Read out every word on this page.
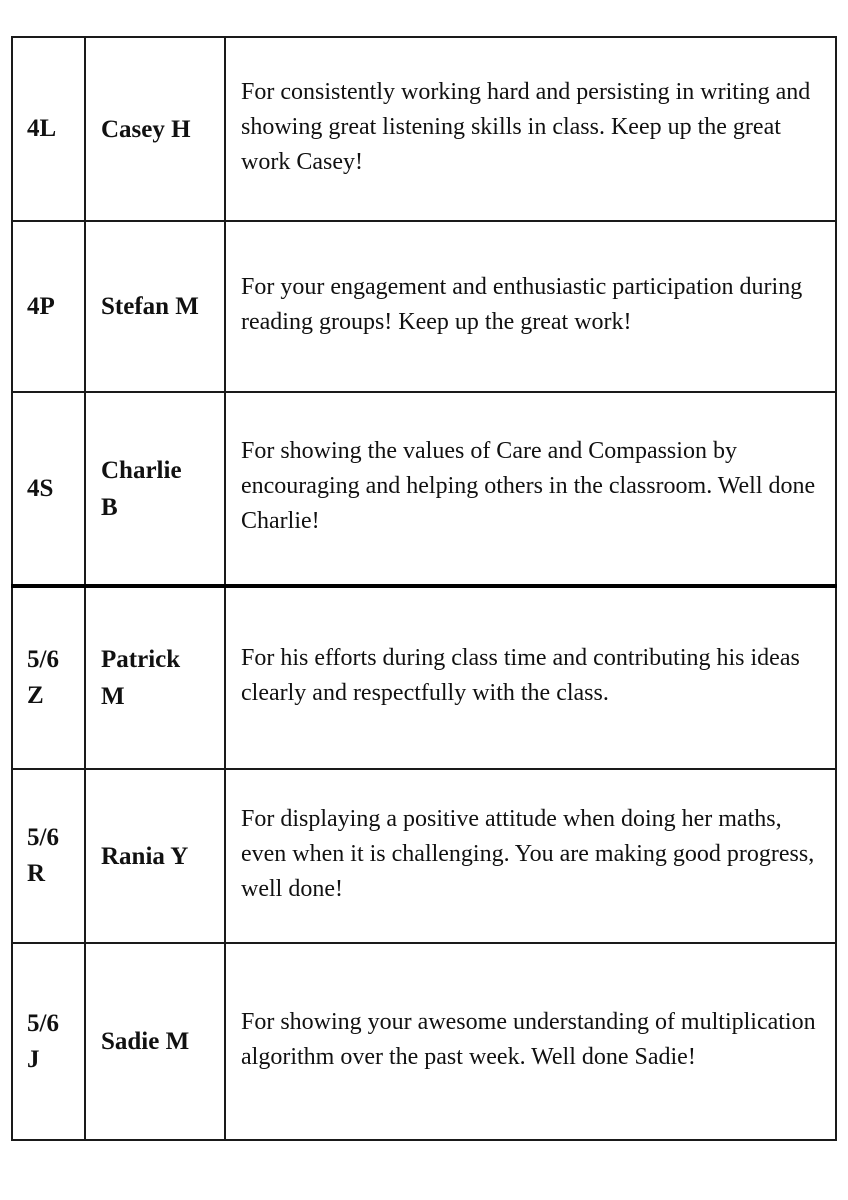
4L	Casey H	For consistently working hard and persisting in writing and showing great listening skills in class. Keep up the great work Casey!

4P	Stefan M	For your engagement and enthusiastic participation during reading groups! Keep up the great work!

4S	Charlie B	For showing the values of Care and Compassion by encouraging and helping others in the classroom. Well done Charlie!

5/6 Z	Patrick M	For his efforts during class time and contributing his ideas clearly and respectfully with the class.

5/6 R	Rania Y	For displaying a positive attitude when doing her maths, even when it is challenging. You are making good progress, well done!

5/6 J	Sadie M	For showing your awesome understanding of multiplication algorithm over the past week. Well done Sadie!
